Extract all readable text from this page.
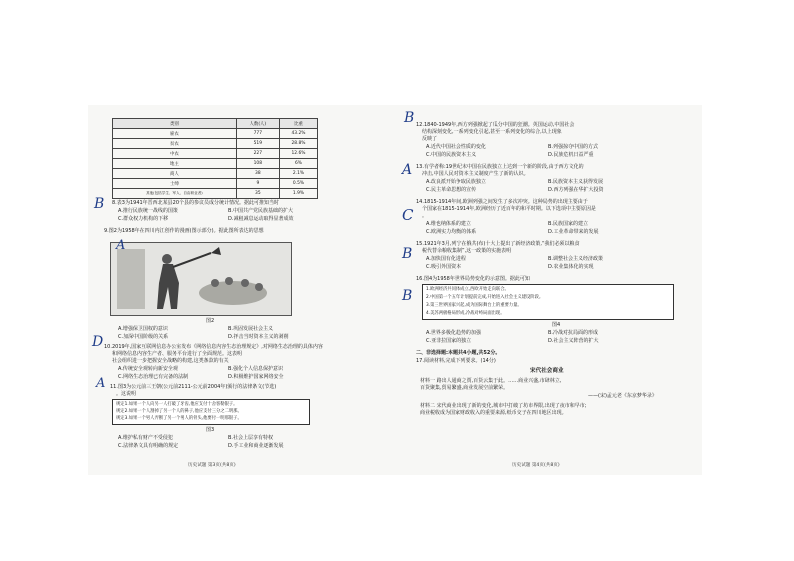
类别	人数(人)	比重
雇农	777	43.2%
贫农	519	28.8%
中农	227	12.6%
地主	108	6%
商人	38	2.1%
士绅	9	0.5%
其他(包括学生、军人、自由职业者)	35	1.9%
8.表3为1941年晋西北某县20个县的参议员成分统计情况。据此可推知当时
A.推行民族统一战线的国策	B.中国共产党民族基础的扩大
C.群众权力机构的下移	D.减租减息运动取得显著成效
9.图2为1958年在四川内江创作的漫画(图示部分)。据此图所表达的思想
图2
A.增强保卫国权的意识	B.巩固发展社会主义
C.加深中国阶级的关系	D.抨击当时资本主义的剥削
10.2019年,国家互联网信息办公室发布《网络信息内容生态治理规定》,对网络生态治理的具体内容
和网络信息内容生产者、服务平台进行了全面规范。这表明
社会组织进一步把握安全战略的构建,这类条款的有关
A.传统安全观转向新安全观	B.强化个人信息保护意识
C.网络生态治理已有完备的法制	D.积极维护国家网络安全
11.图3为公元前三王朝(公元前2111-公元前2004年)颁行的法律条文(节选)
。这说明
规定1.如果一个人向另一人打破了牙齿,他应支付十舍客勒银子。
规定2.如果一个人割掉了另一个人的鼻子,他应支付三分之二明那。
规定3.如果一个男人弄断了另一个男人的骨头,他要付一明那银子。
图3
A.维护私有财产不受侵犯	B.社会上层享有特权
C.法律条文具有明确的规定	D.手工业和商业逐渐发展
历史试题 第3页(共8页)
12.1840-1949年,西方列强掀起了瓜分中国的狂潮。英国运动,中国社会
结构深刻变化,一系列变化引起,甚至一系列变化的综合,以上现象
反映了
A.近代中国社会性质的变化	B.列强掠夺中国的方式
C.中国的民族资本主义	D.民族危机日益严重
13.有学者称:19世纪末中国在民族独立上达到一个新的阶段,由于西方文化的
冲击,中国人民对资本主义制度产生了新的认识。
A.改良派开始争取民族独立	B.民族资本主义获得发展
C.民主革命思想的宣传	D.西方列强在华扩大投资
14.1815-1914年间,欧洲列强之间发生了多次冲突。这种局势的出现主要由于
个国家在1815-1914年,欧洲经历了近百年的和平时期。以下选项中主要原因是
。
A.维也纳体系的建立	B.民族国家的建立
C.欧洲实力均衡的体系	D.工业革命带来的发展
15.1921年3月,列宁在俄共(布)十大上提出了新经济政策,“我们必须以粮食
税代替余粮收集制”,这一政策的实施表明
A.加快国有化进程	B.调整社会主义经济政策
C.吸引外国资本	D.农业集体化的实现
16.图4为1958年世界局势变化的示意图。据此可知
1.欧洲经济共同体成立,西欧开始走向联合。
2.中国第一个五年计划提前完成,开始进入社会主义建设阶段。
3.第三世界国家兴起,成为国际舞台上的重要力量。
4.美苏两极格局形成,冷战对峙局面出现。
图4
A.世界多极化趋势的加强	B.冷战对抗局面的形成
C.亚非拉国家的独立	D.社会主义阵营的扩大
二、非选择题:本题共4小题,共52分。
17.阅读材料,完成下列要求。(14分)
宋代社会商业
材料一 路出人通商之贾,百货云集于此。……商业兴盛,市肆林立,
百货聚集,贸易繁盛,商业发展空前繁荣。
——(宋)孟元老《东京梦华录》
材料二 宋代商业出现了新的变化,城市中打破了坊市界限,出现了夜市和早市;
商业税收成为国家财政收入的重要来源,纸币交子在四川地区出现。
历史试题 第4页(共8页)
B
A
D
A
B
A
C
B
B
